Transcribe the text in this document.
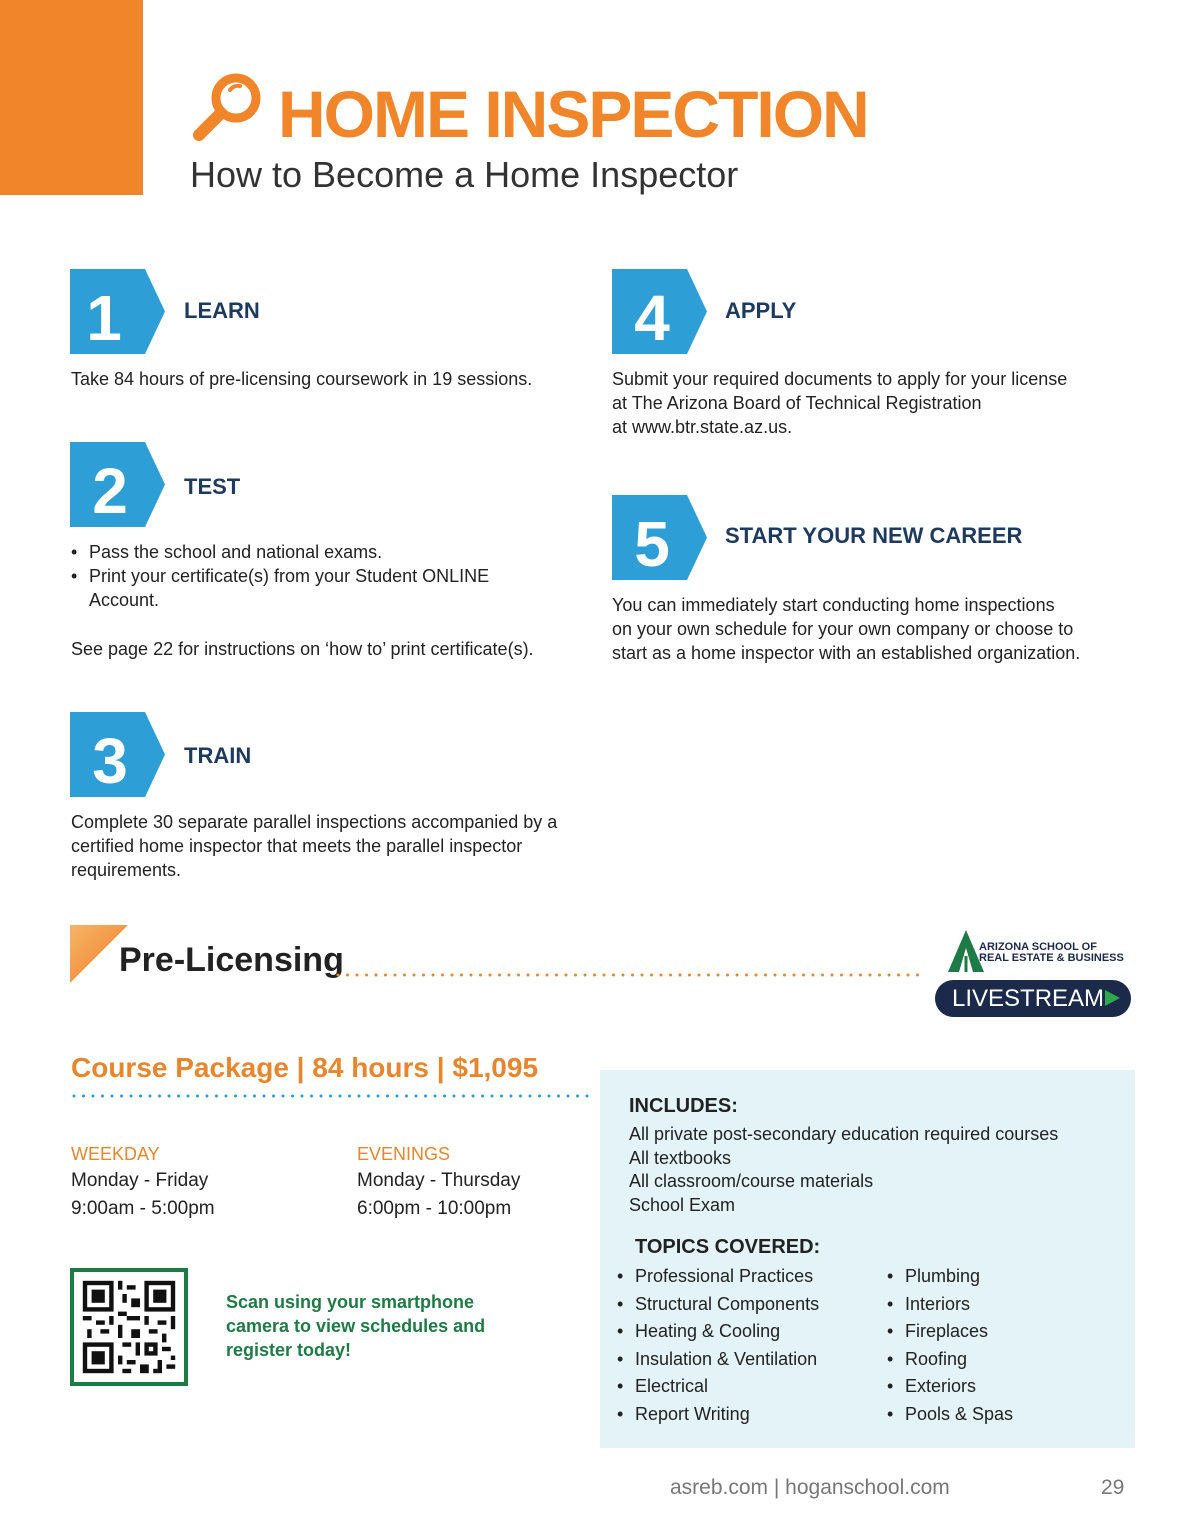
HOME INSPECTION
How to Become a Home Inspector
1	LEARN
Take 84 hours of pre-licensing coursework in 19 sessions.
2	TEST
• Pass the school and national exams.
• Print your certificate(s) from your Student ONLINE Account.
See page 22 for instructions on ‘how to’ print certificate(s).
3	TRAIN
Complete 30 separate parallel inspections accompanied by a certified home inspector that meets the parallel inspector requirements.
4	APPLY

Submit your required documents to apply for your license

at The Arizona Board of Technical Registration

at www.btr.state.az.us.

5	START YOUR NEW CAREER

You can immediately start conducting home inspections

on your own schedule for your own company or choose to

start as a home inspector with an established organization.

Pre-Licensing	ARIZONA SCHOOL OF
REAL ESTATE & BUSINESS
LIVESTREAM
Course Package | 84 hours | $1,095
WEEKDAY
Monday - Friday
9:00am - 5:00pm
EVENINGS
Monday - Thursday
6:00pm - 10:00pm
Scan using your smartphone camera to view schedules and register today!
INCLUDES:
All private post-secondary education required courses
All textbooks
All classroom/course materials
School Exam
TOPICS COVERED:
• Professional Practices
• Structural Components
• Heating & Cooling
• Insulation & Ventilation
• Electrical
• Report Writing
• Plumbing
• Interiors
• Fireplaces
• Roofing
• Exteriors
• Pools & Spas
asreb.com | hoganschool.com	29
